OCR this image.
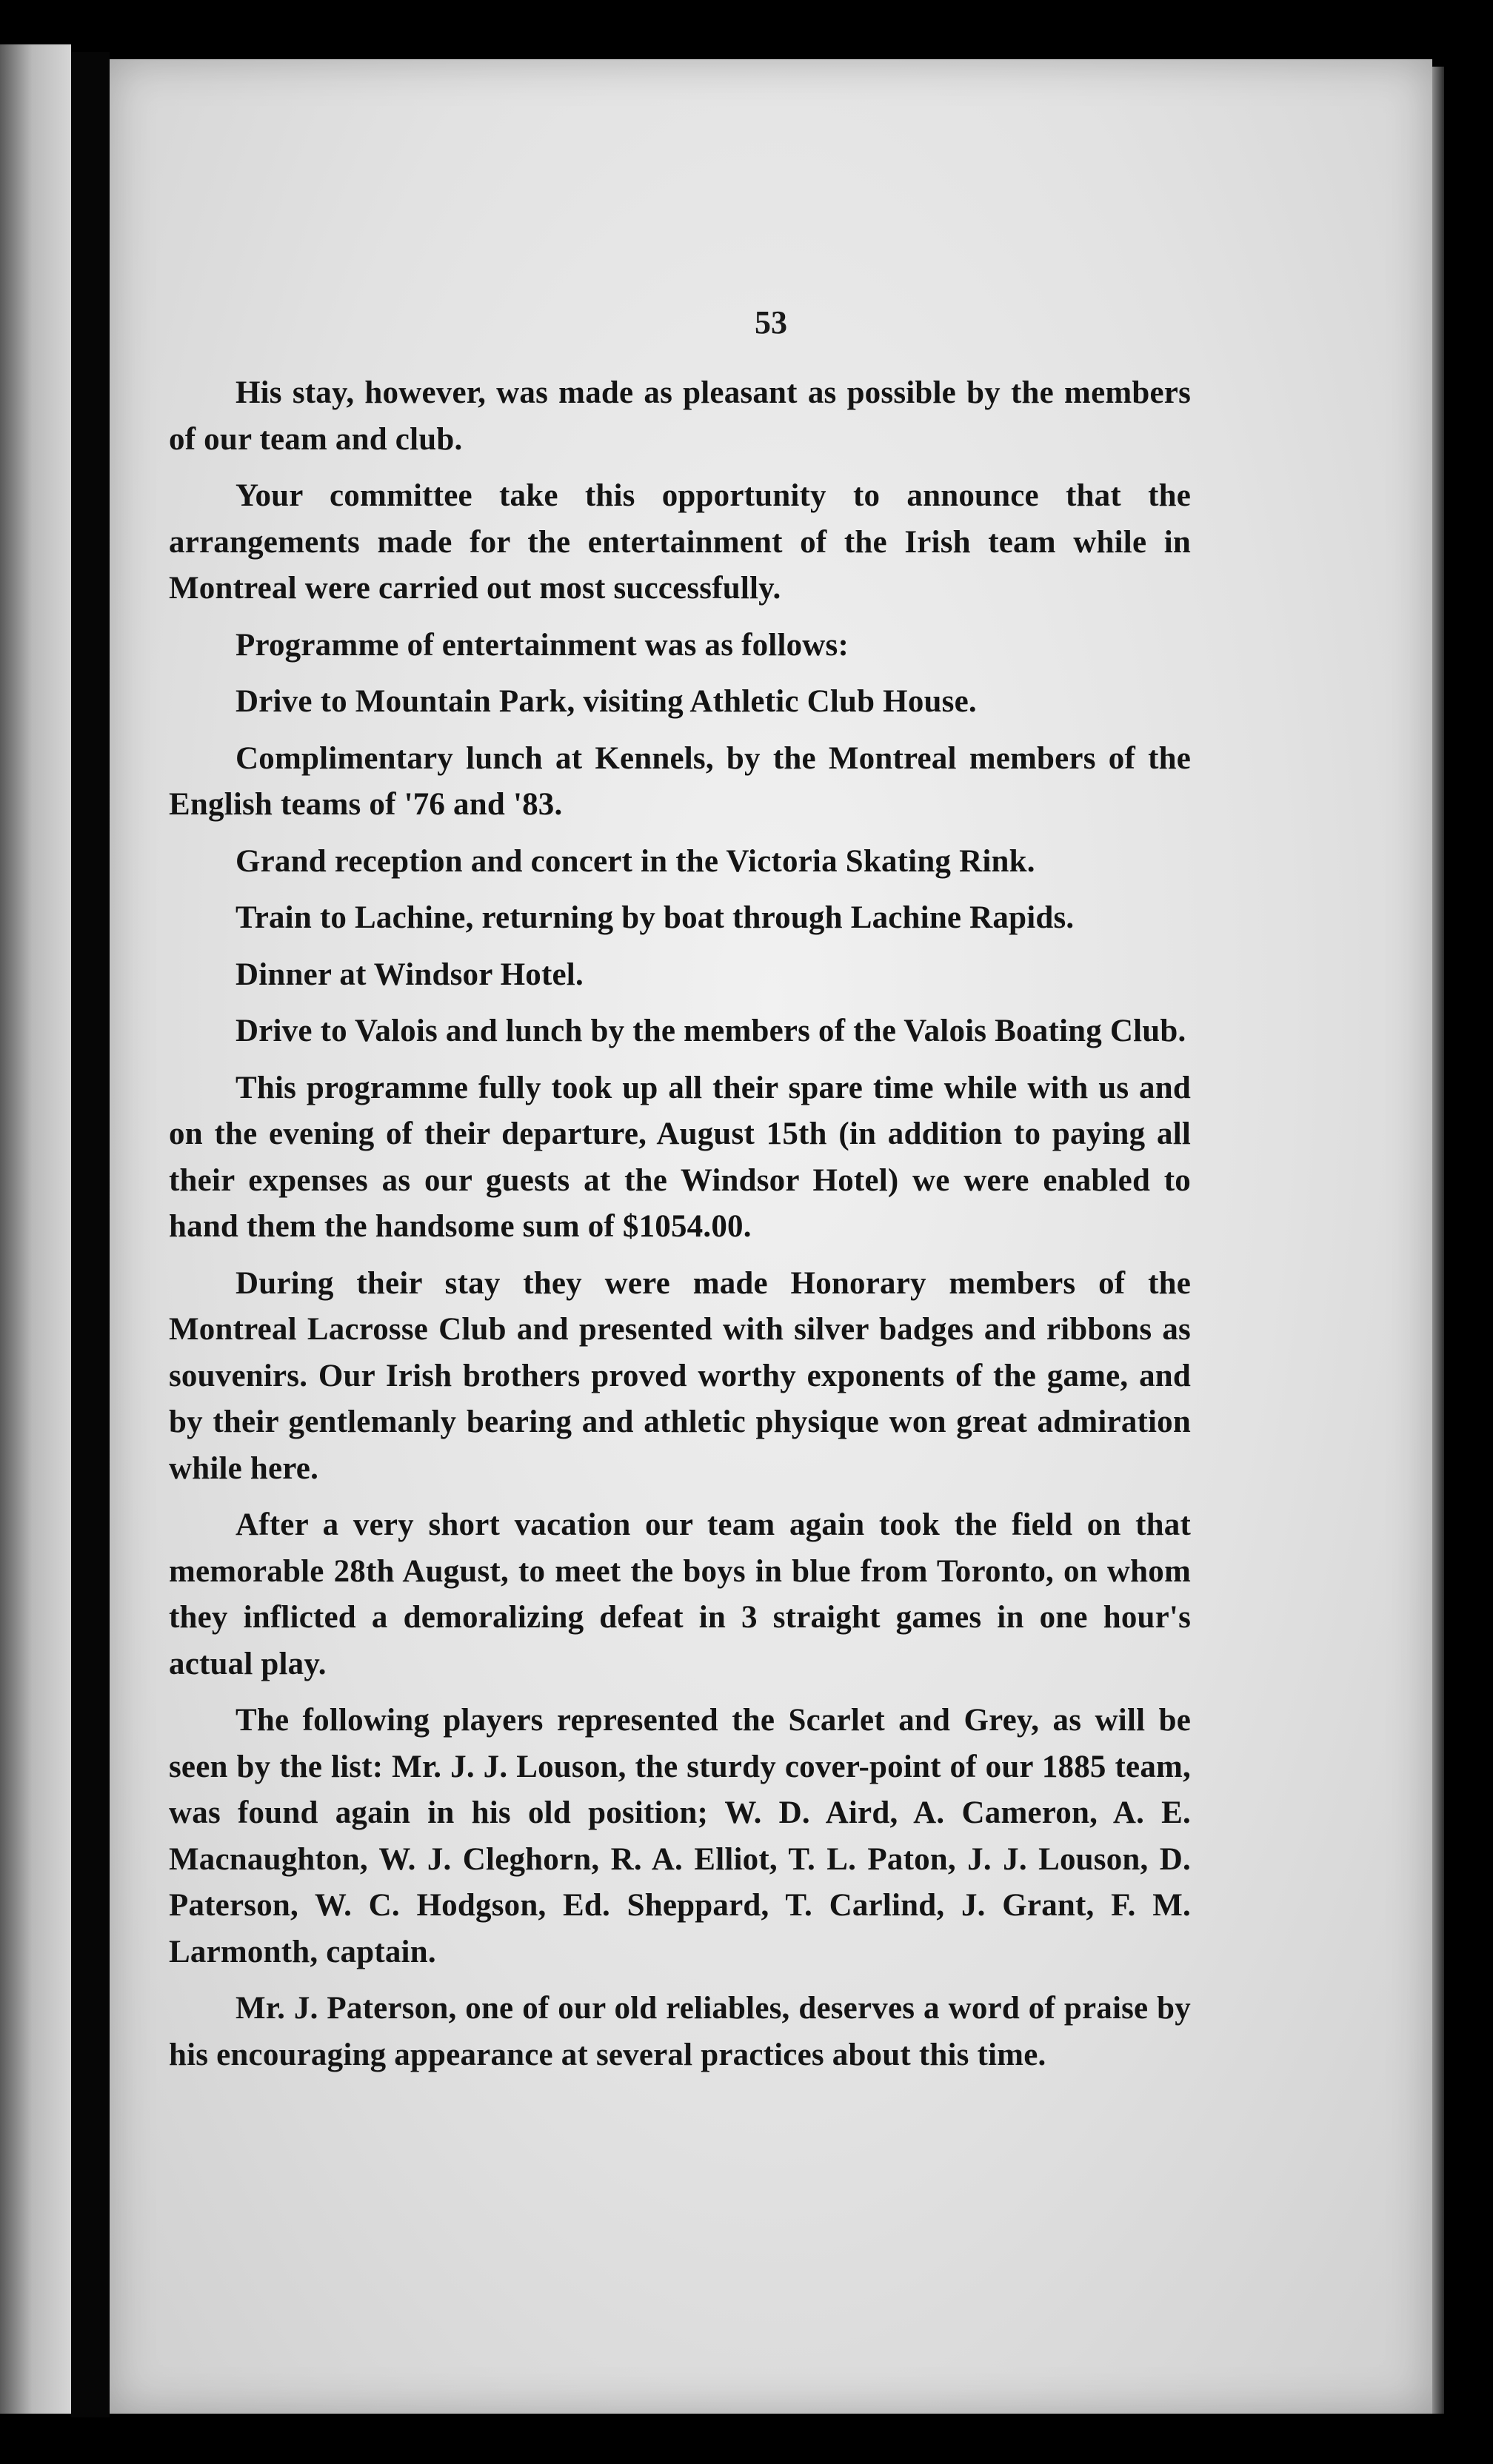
53

His stay, however, was made as pleasant as possible by the members of our team and club.

Your committee take this opportunity to announce that the arrangements made for the entertainment of the Irish team while in Montreal were carried out most successfully.

Programme of entertainment was as follows:

Drive to Mountain Park, visiting Athletic Club House.

Complimentary lunch at Kennels, by the Montreal members of the English teams of '76 and '83.

Grand reception and concert in the Victoria Skating Rink.

Train to Lachine, returning by boat through Lachine Rapids.

Dinner at Windsor Hotel.

Drive to Valois and lunch by the members of the Valois Boating Club.

This programme fully took up all their spare time while with us and on the evening of their departure, August 15th (in addition to paying all their expenses as our guests at the Windsor Hotel) we were enabled to hand them the handsome sum of $1054.00.

During their stay they were made Honorary members of the Montreal Lacrosse Club and presented with silver badges and ribbons as souvenirs. Our Irish brothers proved worthy exponents of the game, and by their gentlemanly bearing and athletic physique won great admiration while here.

After a very short vacation our team again took the field on that memorable 28th August, to meet the boys in blue from Toronto, on whom they inflicted a demoralizing defeat in 3 straight games in one hour's actual play.

The following players represented the Scarlet and Grey, as will be seen by the list: Mr. J. J. Louson, the sturdy cover-point of our 1885 team, was found again in his old position; W. D. Aird, A. Cameron, A. E. Macnaughton, W. J. Cleghorn, R. A. Elliot, T. L. Paton, J. J. Louson, D. Paterson, W. C. Hodgson, Ed. Sheppard, T. Carlind, J. Grant, F. M. Larmonth, captain.

Mr. J. Paterson, one of our old reliables, deserves a word of praise by his encouraging appearance at several practices about this time.
